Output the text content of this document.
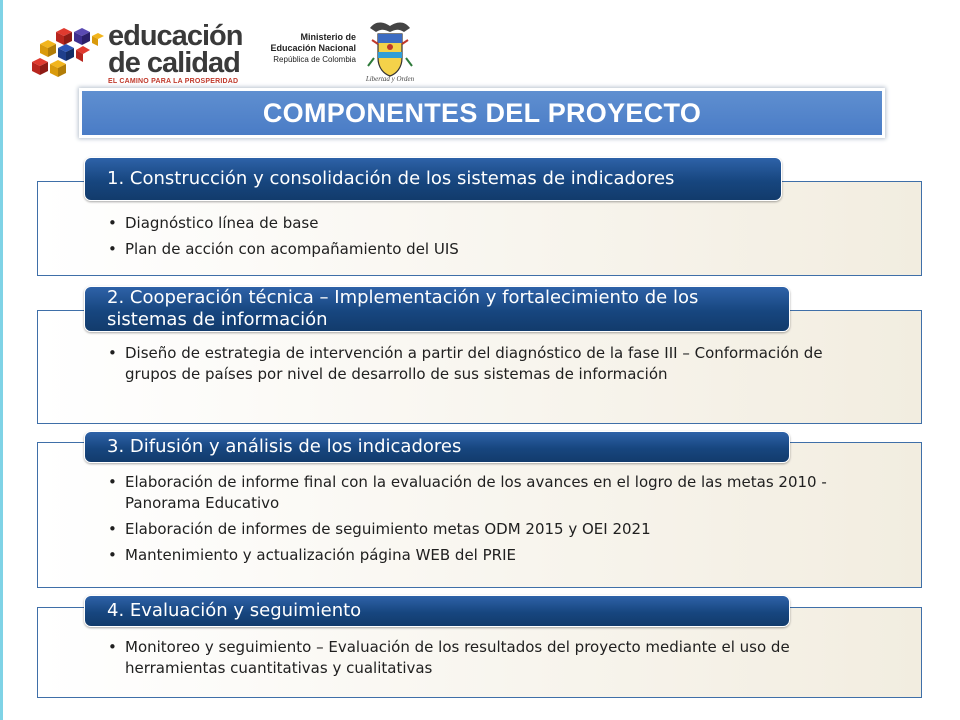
educación
de calidad
EL CAMINO PARA LA PROSPERIDAD
Ministerio de
Educación Nacional
República de Colombia
Libertad y Orden
COMPONENTES DEL PROYECTO
• Diagnóstico línea de base
• Plan de acción con acompañamiento del UIS
1. Construcción y consolidación de los sistemas de indicadores
• Diseño de estrategia de intervención a partir del diagnóstico de la fase III – Conformación de grupos de países por nivel de desarrollo de sus sistemas de información
2. Cooperación técnica – Implementación y fortalecimiento de los sistemas de información
• Elaboración de informe final con la evaluación de los avances en el logro de las metas 2010 - Panorama Educativo
• Elaboración de informes de seguimiento metas ODM 2015 y OEI 2021
• Mantenimiento y actualización página WEB del PRIE
3. Difusión y análisis de los indicadores
• Monitoreo y seguimiento – Evaluación de los resultados del proyecto mediante el uso de herramientas cuantitativas y cualitativas
4. Evaluación y seguimiento
